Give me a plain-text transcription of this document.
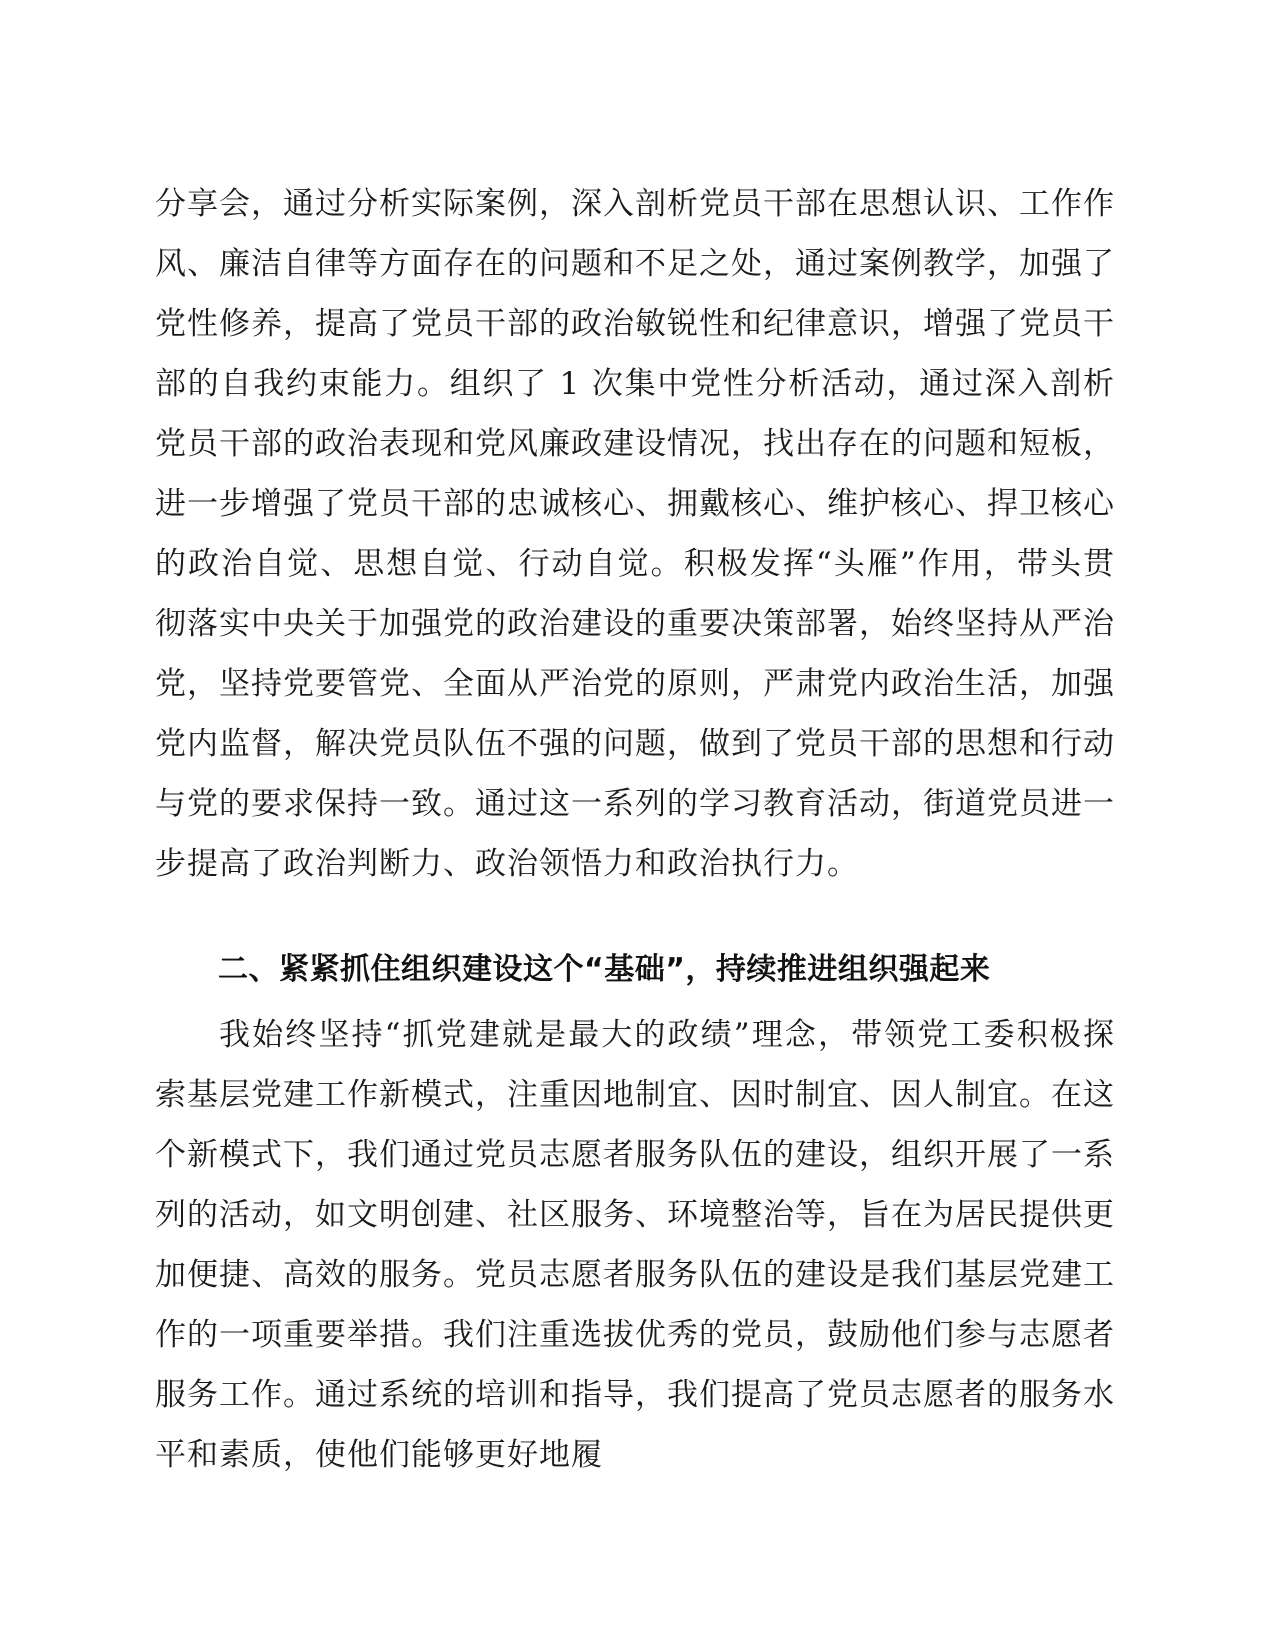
分享会，通过分析实际案例，深入剖析党员干部在思想认识、工作作风、廉洁自律等方面存在的问题和不足之处，通过案例教学，加强了党性修养，提高了党员干部的政治敏锐性和纪律意识，增强了党员干部的自我约束能力。组织了 1 次集中党性分析活动，通过深入剖析党员干部的政治表现和党风廉政建设情况，找出存在的问题和短板，进一步增强了党员干部的忠诚核心、拥戴核心、维护核心、捍卫核心的政治自觉、思想自觉、行动自觉。积极发挥“头雁”作用，带头贯彻落实中央关于加强党的政治建设的重要决策部署，始终坚持从严治党，坚持党要管党、全面从严治党的原则，严肃党内政治生活，加强党内监督，解决党员队伍不强的问题，做到了党员干部的思想和行动与党的要求保持一致。通过这一系列的学习教育活动，街道党员进一步提高了政治判断力、政治领悟力和政治执行力。

二、紧紧抓住组织建设这个“基础”，持续推进组织强起来

我始终坚持“抓党建就是最大的政绩”理念，带领党工委积极探索基层党建工作新模式，注重因地制宜、因时制宜、因人制宜。在这个新模式下，我们通过党员志愿者服务队伍的建设，组织开展了一系列的活动，如文明创建、社区服务、环境整治等，旨在为居民提供更加便捷、高效的服务。党员志愿者服务队伍的建设是我们基层党建工作的一项重要举措。我们注重选拔优秀的党员，鼓励他们参与志愿者服务工作。通过系统的培训和指导，我们提高了党员志愿者的服务水平和素质，使他们能够更好地履
